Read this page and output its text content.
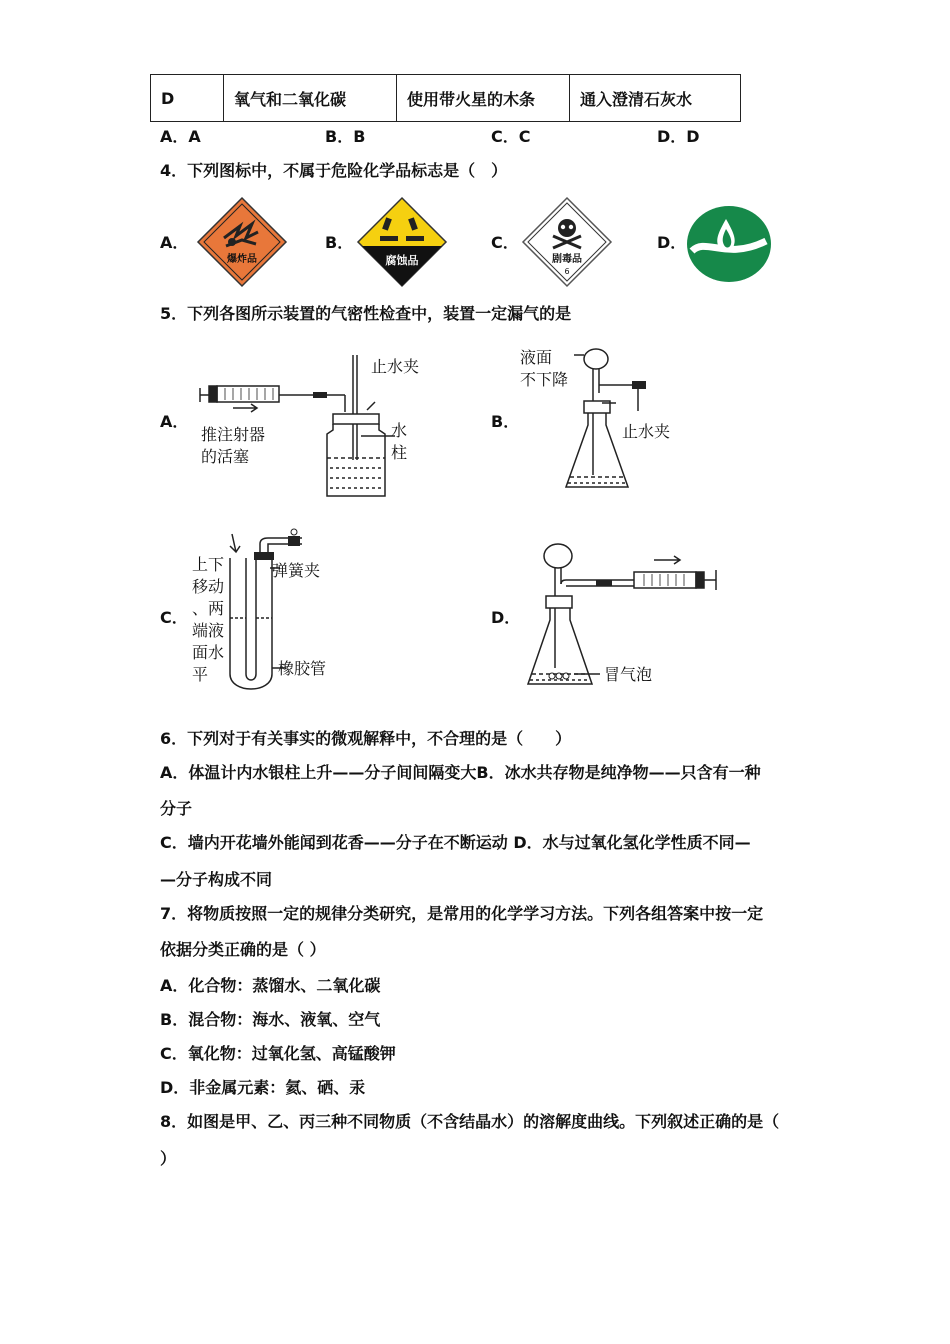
D	氧气和二氧化碳	使用带火星的木条	通入澄清石灰水
A．A	B．B	C．C	D．D
4．下列图标中，不属于危险化学品标志是（　）
A．	B．	C．	D．
爆炸品	腐蚀品	剧毒品
6
5．下列各图所示装置的气密性检查中，装置一定漏气的是
A．	B．
C．	D．
止水夹
推注射器
的活塞
水
柱
液面
不下降
止水夹
上下
移动
、两
端液
面水
平
弹簧夹
橡胶管	冒气泡
6．下列对于有关事实的微观解释中，不合理的是（　　）
A．体温计内水银柱上升——分子间间隔变大B．冰水共存物是纯净物——只含有一种
分子
C．墙内开花墙外能闻到花香——分子在不断运动 D．水与过氧化氢化学性质不同—
—分子构成不同
7．将物质按照一定的规律分类研究，是常用的化学学习方法。下列各组答案中按一定
依据分类正确的是（ ）
A．化合物：蒸馏水、二氧化碳
B．混合物：海水、液氧、空气
C．氧化物：过氧化氢、高锰酸钾
D．非金属元素：氦、硒、汞
8．如图是甲、乙、丙三种不同物质（不含结晶水）的溶解度曲线。下列叙述正确的是（
）
